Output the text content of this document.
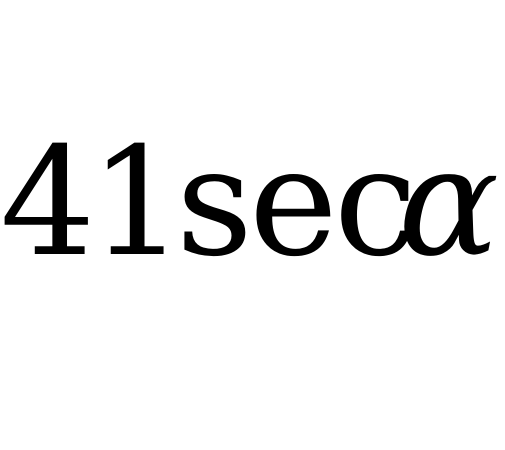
41
sec
α
